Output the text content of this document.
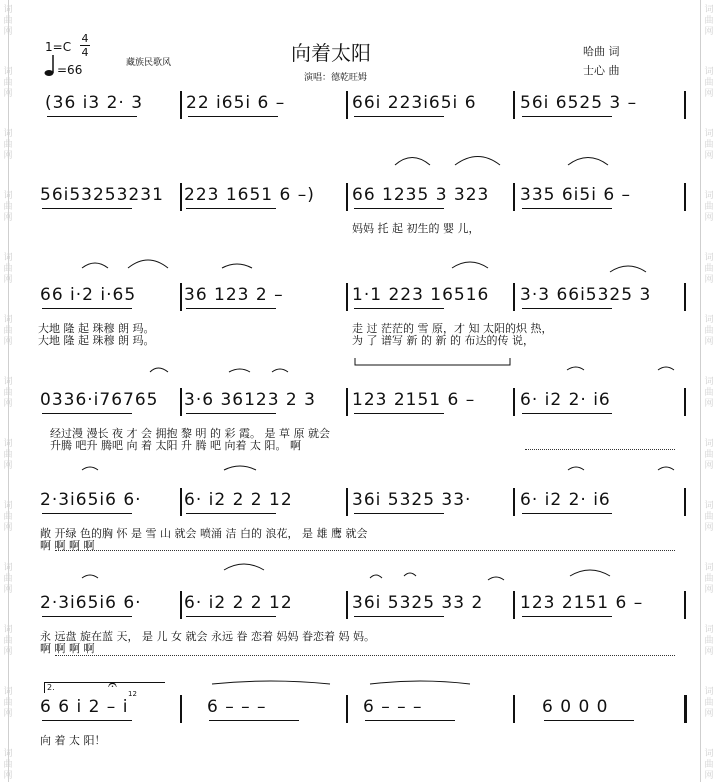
词曲网
词曲网
词曲网
词曲网
词曲网
词曲网
词曲网
词曲网
词曲网
词曲网
词曲网
词曲网
词曲网
词曲网
词曲网
词曲网
词曲网
词曲网
词曲网
词曲网
词曲网
词曲网
词曲网
词曲网
词曲网
词曲网
向着太阳
1=C
4
4
=66	藏族民歌风
演唱：德乾旺姆
哈曲 词
士心 曲
(36 i3 2· 3	22 i65i 6 –	66i 223i65i 6	56i 6525 3 –
56i53253231 223 1651 6 –) 66 1235 3 323 335 6i5i 6 –
妈妈 托 起 初生的 婴 儿，
66 i·2 i·65	36 123 2 –	1·1 223 16516 3·3 66i5325 3
大地 隆 起 珠穆 朗 玛。
大地 隆 起 珠穆 朗 玛。
走 过 茫茫的 雪 原，才 知 太阳的炽 热，
为 了 谱写 新 的 新 的 布达的传 说，
0336·i76765 3·6 36123 2 3 123 2151 6 –	6· i2 2· i6
经过漫 漫长 夜 才 会 拥抱 黎 明 的 彩 霞。 是 草 原 就会
升腾 吧升 腾吧 向 着 太阳 升 腾 吧 向着 太 阳。 啊
2·3i65i6 6· 6· i2 2 2 12	36i 5325 33·	6· i2 2· i6
敞 开绿 色的胸 怀 是 雪 山 就会 喷涌 洁 白的 浪花， 是 雄 鹰 就会
啊 啊 啊 啊
2·3i65i6 6· 6· i2 2 2 12	36i 5325 33 2 123 2151 6 –
永 远盘 旋在蓝 天， 是 儿 女 就会 永远 眷 恋着 妈妈 眷恋着 妈 妈。
啊 啊 啊 啊
6 6 i 2 – i	6 – – –	6 – – –	6 0 0 0
向 着 太 阳！
2.	𝄐 12
